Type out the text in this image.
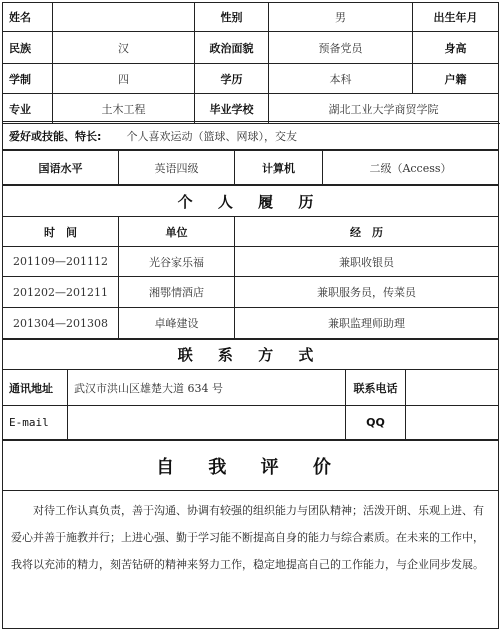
姓名		性别	男	出生年月	
民族	汉	政治面貌	预备党员	身高	
学制	四	学历	本科	户籍	
专业	土木工程	毕业学校	湖北工业大学商贸学院		
爱好或技能、特长:	个人喜欢运动（篮球、网球），交友
国语水平	英语四级	计算机	二级（Access）
个 人 履 历		
时　间	单位	经　历
201109—201112	光谷家乐福	兼职收银员
201202—201211	湘鄂情酒店	兼职服务员，传菜员
201304—201308	卓峰建设	兼职监理师助理
联 系 方 式			
通讯地址	武汉市洪山区雄楚大道 634 号	联系电话	
E-mail		QQ	
自 我 评 价
对待工作认真负责，善于沟通、协调有较强的组织能力与团队精神；活泼开朗、乐观上进、有爱心并善于施教并行；上进心强、勤于学习能不断提高自身的能力与综合素质。在未来的工作中，我将以充沛的精力，刻苦钻研的精神来努力工作，稳定地提高自己的工作能力，与企业同步发展。
